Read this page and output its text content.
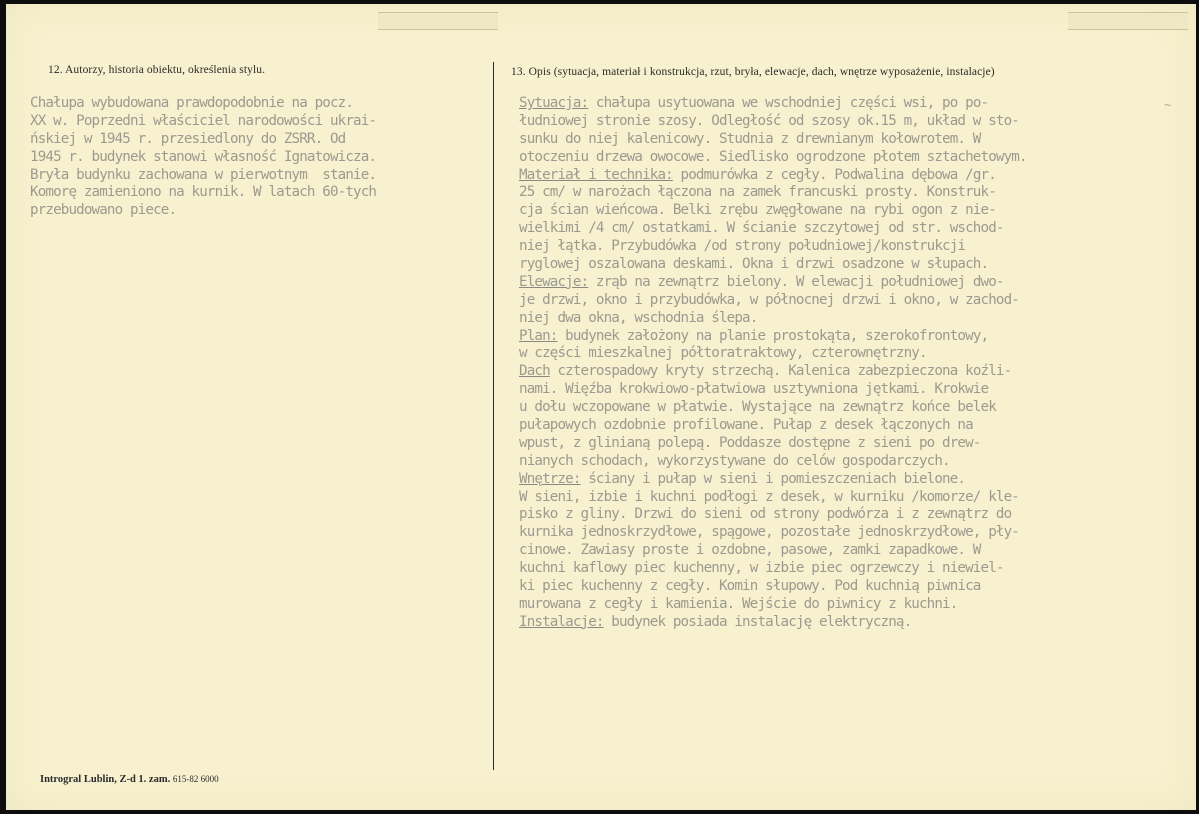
12. Autorzy, historia obiektu, określenia stylu.	13. Opis (sytuacja, materiał i konstrukcja, rzut, bryła, elewacje, dach, wnętrze wyposażenie, instalacje)
Chałupa wybudowana prawdopodobnie na pocz.
XX w. Poprzedni właściciel narodowości ukrai-
ńskiej w 1945 r. przesiedlony do ZSRR. Od
1945 r. budynek stanowi własność Ignatowicza.
Bryła budynku zachowana w pierwotnym  stanie.
Komorę zamieniono na kurnik. W latach 60-tych
przebudowano piece.
Sytuacja: chałupa usytuowana we wschodniej części wsi, po po-
łudniowej stronie szosy. Odległość od szosy ok.15 m, układ w sto-
sunku do niej kalenicowy. Studnia z drewnianym kołowrotem. W
otoczeniu drzewa owocowe. Siedlisko ogrodzone płotem sztachetowym.
Materiał i technika: podmurówka z cegły. Podwalina dębowa /gr.
25 cm/ w narożach łączona na zamek francuski prosty. Konstruk-
cja ścian wieńcowa. Belki zrębu zwęgłowane na rybi ogon z nie-
wielkimi /4 cm/ ostatkami. W ścianie szczytowej od str. wschod-
niej łątka. Przybudówka /od strony południowej/konstrukcji
ryglowej oszalowana deskami. Okna i drzwi osadzone w słupach.
Elewacje: zrąb na zewnątrz bielony. W elewacji południowej dwo-
je drzwi, okno i przybudówka, w północnej drzwi i okno, w zachod-
niej dwa okna, wschodnia ślepa.
Plan: budynek założony na planie prostokąta, szerokofrontowy,
w części mieszkalnej półtoratraktowy, czterownętrzny.
Dach czterospadowy kryty strzechą. Kalenica zabezpieczona koźli-
nami. Więźba krokwiowo-płatwiowa usztywniona jętkami. Krokwie
u dołu wczopowane w płatwie. Wystające na zewnątrz końce belek
pułapowych ozdobnie profilowane. Pułap z desek łączonych na
wpust, z glinianą polepą. Poddasze dostępne z sieni po drew-
nianych schodach, wykorzystywane do celów gospodarczych.
Wnętrze: ściany i pułap w sieni i pomieszczeniach bielone.
W sieni, izbie i kuchni podłogi z desek, w kurniku /komorze/ kle-
pisko z gliny. Drzwi do sieni od strony podwórza i z zewnątrz do
kurnika jednoskrzydłowe, spągowe, pozostałe jednoskrzydłowe, pły-
cinowe. Zawiasy proste i ozdobne, pasowe, zamki zapadkowe. W
kuchni kaflowy piec kuchenny, w izbie piec ogrzewczy i niewiel-
ki piec kuchenny z cegły. Komin słupowy. Pod kuchnią piwnica
murowana z cegły i kamienia. Wejście do piwnicy z kuchni.
Instalacje: budynek posiada instalację elektryczną.
~
Introgral Lublin, Z-d 1. zam. 615-82 6000
